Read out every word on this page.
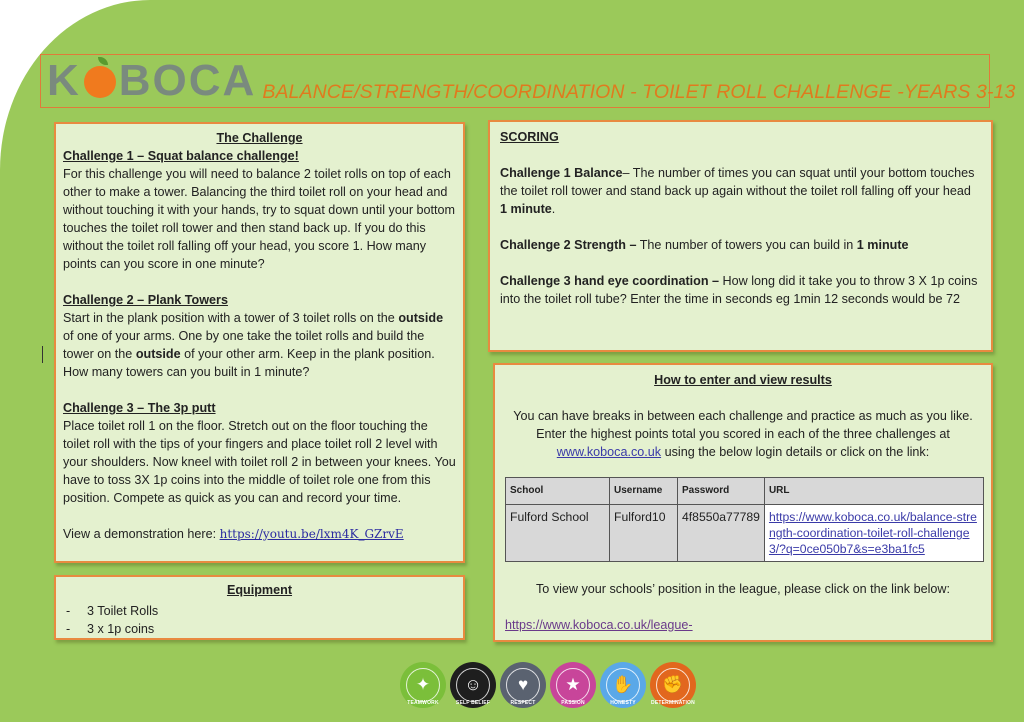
K BOCA BALANCE/STRENGTH/COORDINATION - TOILET ROLL CHALLENGE -YEARS 3-13
The Challenge
Challenge 1 – Squat balance challenge!
For this challenge you will need to balance 2 toilet rolls on top of each other to make a tower. Balancing the third toilet roll on your head and without touching it with your hands, try to squat down until your bottom touches the toilet roll tower and then stand back up. If you do this without the toilet roll falling off your head, you score 1. How many points can you score in one minute?
Challenge 2 – Plank Towers
Start in the plank position with a tower of 3 toilet rolls on the outside of one of your arms. One by one take the toilet rolls and build the tower on the outside of your other arm. Keep in the plank position. How many towers can you built in 1 minute?
Challenge 3 – The 3p putt
Place toilet roll 1 on the floor. Stretch out on the floor touching the toilet roll with the tips of your fingers and place toilet roll 2 level with your shoulders. Now kneel with toilet roll 2 in between your knees. You have to toss 3X 1p coins into the middle of toilet role one from this position. Compete as quick as you can and record your time.
View a demonstration here: https://youtu.be/lxm4K_GZrvE
Equipment
-	3 Toilet Rolls
-	3 x 1p coins
SCORING
Challenge 1 Balance– The number of times you can squat until your bottom touches the toilet roll tower and stand back up again without the toilet roll falling off your head 1 minute.
Challenge 2 Strength – The number of towers you can build in 1 minute
Challenge 3 hand eye coordination – How long did it take you to throw 3 X 1p coins into the toilet roll tube? Enter the time in seconds eg 1min 12 seconds would be 72
How to enter and view results
You can have breaks in between each challenge and practice as much as you like. Enter the highest points total you scored in each of the three challenges at www.koboca.co.uk using the below login details or click on the link:
School	Username	Password	URL
Fulford School	Fulford10	4f8550a77789	https://www.koboca.co.uk/balance-strength-coordination-toilet-roll-challenge3/?q=0ce050b7&s=e3ba1fc5
To view your schools’ position in the league, please click on the link below:
https://www.koboca.co.uk/league-
✦
TEAMWORK
☺
SELF BELIEF
♥
RESPECT
★
PASSION
✋
HONESTY
✊
DETERMINATION
